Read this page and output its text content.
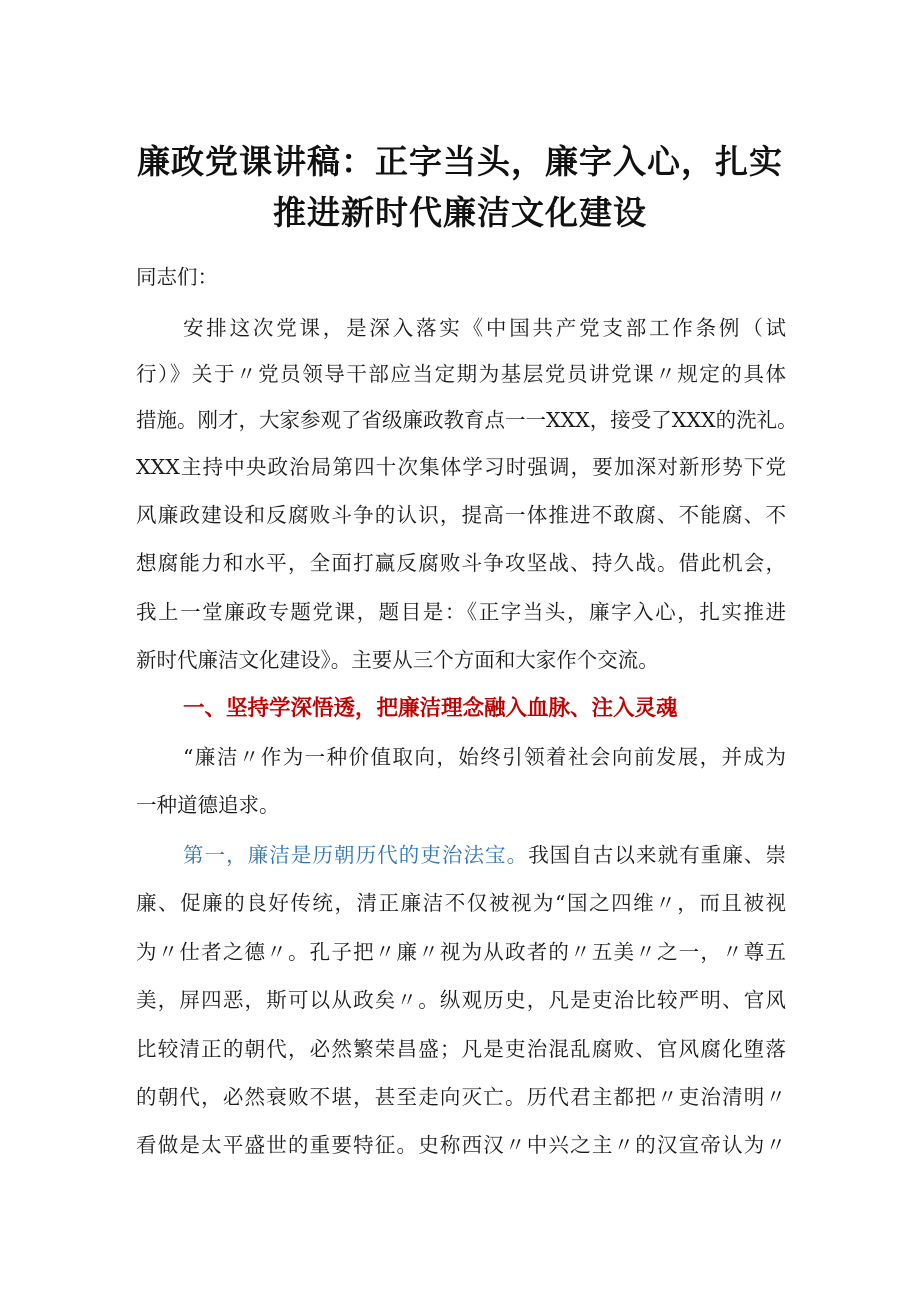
廉政党课讲稿：正字当头，廉字入心，扎实
推进新时代廉洁文化建设
同志们：
安排这次党课，是深入落实《中国共产党支部工作条例（试
行）》关于〃党员领导干部应当定期为基层党员讲党课〃规定的具体
措施。刚才，大家参观了省级廉政教育点一一XXX，接受了XXX的洗礼。
XXX主持中央政治局第四十次集体学习时强调，要加深对新形势下党
风廉政建设和反腐败斗争的认识，提高一体推进不敢腐、不能腐、不
想腐能力和水平，全面打赢反腐败斗争攻坚战、持久战。借此机会，
我上一堂廉政专题党课，题目是：《正字当头，廉字入心，扎实推进
新时代廉洁文化建设》。主要从三个方面和大家作个交流。
一、坚持学深悟透，把廉洁理念融入血脉、注入灵魂
“廉洁〃作为一种价值取向，始终引领着社会向前发展，并成为
一种道德追求。
第一，廉洁是历朝历代的吏治法宝。我国自古以来就有重廉、崇
廉、促廉的良好传统，清正廉洁不仅被视为“国之四维〃，而且被视
为〃仕者之德〃。孔子把〃廉〃视为从政者的〃五美〃之一，〃尊五
美，屏四恶，斯可以从政矣〃。纵观历史，凡是吏治比较严明、官风
比较清正的朝代，必然繁荣昌盛；凡是吏治混乱腐败、官风腐化堕落
的朝代，必然衰败不堪，甚至走向灭亡。历代君主都把〃吏治清明〃
看做是太平盛世的重要特征。史称西汉〃中兴之主〃的汉宣帝认为〃
